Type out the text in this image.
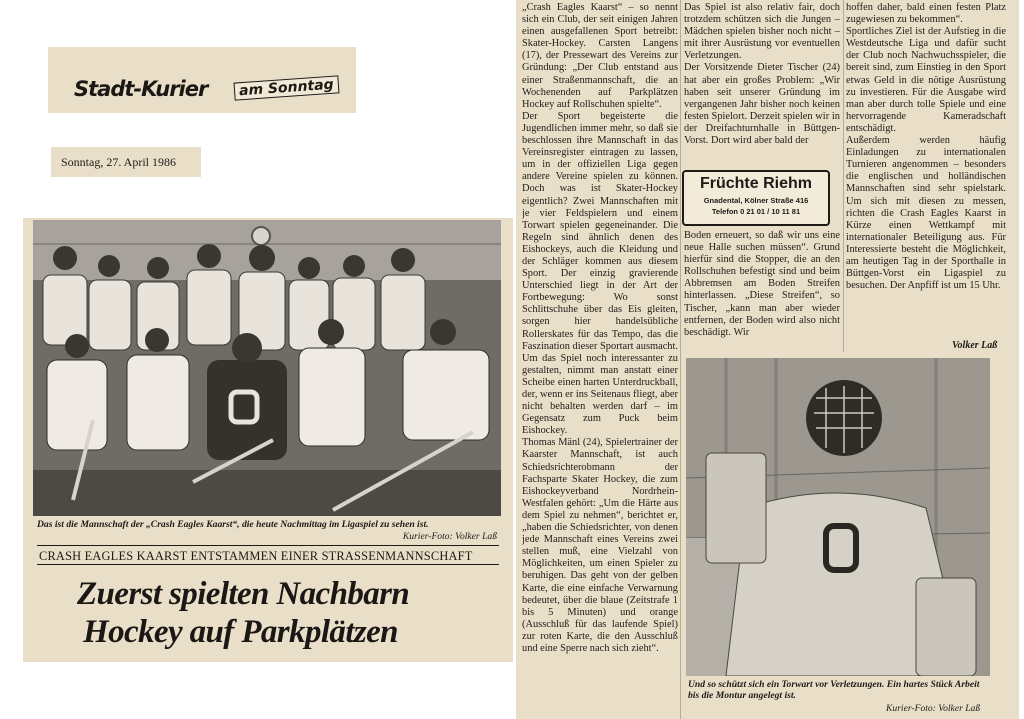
Stadt-Kurier	am Sonntag
Sonntag, 27. April 1986
Das ist die Mannschaft der „Crash Eagles Kaarst“, die heute Nachmittag im Ligaspiel zu sehen ist.
Kurier-Foto: Volker Laß
CRASH EAGLES KAARST ENTSTAMMEN EINER STRASSENMANNSCHAFT
Zuerst spielten Nachbarn
Hockey auf Parkplätzen

„Crash Eagles Kaarst“ – so nennt sich ein Club, der seit einigen Jahren einen ausgefallenen Sport betreibt: Skater-Hockey. Carsten Langens (17), der Pressewart des Vereins zur Gründung: „Der Club entstand aus einer Straßenmannschaft, die an Wochenenden auf Parkplätzen Hockey auf Rollschuhen spielte“.

Der Sport begeisterte die Jugendlichen immer mehr, so daß sie beschlossen ihre Mannschaft in das Vereinsregister eintragen zu lassen, um in der offiziellen Liga gegen andere Vereine spielen zu können. Doch was ist Skater-Hockey eigentlich? Zwei Mannschaften mit je vier Feldspielern und einem Torwart spielen gegeneinander. Die Regeln sind ähnlich denen des Eishockeys, auch die Kleidung und der Schläger kommen aus diesem Sport. Der einzig gravierende Unterschied liegt in der Art der Fortbewegung: Wo sonst Schlittschuhe über das Eis gleiten, sorgen hier handelsübliche Rollerskates für das Tempo, das die Faszination dieser Sportart ausmacht. Um das Spiel noch interessanter zu gestalten, nimmt man anstatt einer Scheibe einen harten Unterdruckball, der, wenn er ins Seitenaus fliegt, aber nicht behalten werden darf – im Gegensatz zum Puck beim Eishockey.

Thomas Mänl (24), Spielertrainer der Kaarster Mannschaft, ist auch Schiedsrichterobmann der Fachsparte Skater Hockey, die zum Eishockeyverband Nordrhein-Westfalen gehört: „Um die Härte aus dem Spiel zu nehmen“, berichtet er, „haben die Schiedsrichter, von denen jede Mannschaft eines Vereins zwei stellen muß, eine Vielzahl von Möglichkeiten, um einen Spieler zu beruhigen. Das geht von der gelben Karte, die eine einfache Verwarnung bedeutet, über die blaue (Zeitstrafe 1 bis 5 Minuten) und orange (Ausschluß für das laufende Spiel) zur roten Karte, die den Ausschluß und eine Sperre nach sich zieht“.

Das Spiel ist also relativ fair, doch trotzdem schützen sich die Jungen – Mädchen spielen bisher noch nicht – mit ihrer Ausrüstung vor eventuellen Verletzungen.

Der Vorsitzende Dieter Tischer (24) hat aber ein großes Problem: „Wir haben seit unserer Gründung im vergangenen Jahr bisher noch keinen festen Spielort. Derzeit spielen wir in der Dreifachturnhalle in Büttgen-Vorst. Dort wird aber bald der

Früchte Riehm
Gnadental, Kölner Straße 416
Telefon 0 21 01 / 10 11 81

Boden erneuert, so daß wir uns eine neue Halle suchen müssen“. Grund hierfür sind die Stopper, die an den Rollschuhen befestigt sind und beim Abbremsen am Boden Streifen hinterlassen. „Diese Streifen“, so Tischer, „kann man aber wieder entfernen, der Boden wird also nicht beschädigt. Wir

hoffen daher, bald einen festen Platz zugewiesen zu bekommen“.

Sportliches Ziel ist der Aufstieg in die Westdeutsche Liga und dafür sucht der Club noch Nachwuchsspieler, die bereit sind, zum Einstieg in den Sport etwas Geld in die nötige Ausrüstung zu investieren. Für die Ausgabe wird man aber durch tolle Spiele und eine hervorragende Kameradschaft entschädigt.

Außerdem werden häufig Einladungen zu internationalen Turnieren angenommen – besonders die englischen und holländischen Mannschaften sind sehr spielstark. Um sich mit diesen zu messen, richten die Crash Eagles Kaarst in Kürze einen Wettkampf mit internationaler Beteiligung aus. Für Interessierte besteht die Möglichkeit, am heutigen Tag in der Sporthalle in Büttgen-Vorst ein Ligaspiel zu besuchen. Der Anpfiff ist um 15 Uhr.

Volker Laß
Und so schützt sich ein Torwart vor Verletzungen. Ein hartes Stück Arbeit bis die Montur angelegt ist.
Kurier-Foto: Volker Laß
